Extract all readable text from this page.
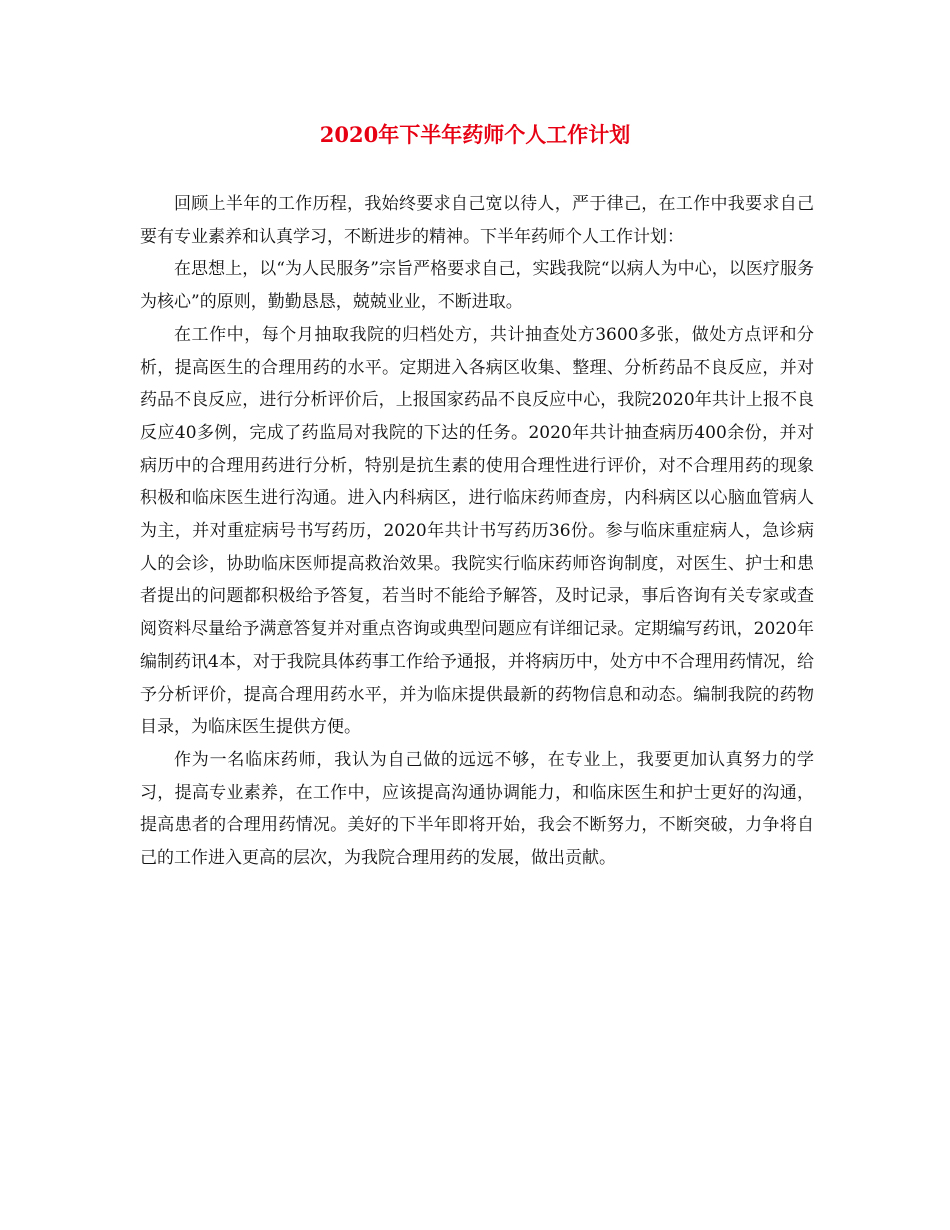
2020年下半年药师个人工作计划

回顾上半年的工作历程，我始终要求自己宽以待人，严于律己，在工作中我要求自己要有专业素养和认真学习，不断进步的精神。下半年药师个人工作计划：

在思想上，以“为人民服务”宗旨严格要求自己，实践我院“以病人为中心，以医疗服务为核心”的原则，勤勤恳恳，兢兢业业，不断进取。

在工作中，每个月抽取我院的归档处方，共计抽查处方3600多张，做处方点评和分析，提高医生的合理用药的水平。定期进入各病区收集、整理、分析药品不良反应，并对药品不良反应，进行分析评价后，上报国家药品不良反应中心，我院2020年共计上报不良反应40多例，完成了药监局对我院的下达的任务。2020年共计抽查病历400余份，并对病历中的合理用药进行分析，特别是抗生素的使用合理性进行评价，对不合理用药的现象积极和临床医生进行沟通。进入内科病区，进行临床药师查房，内科病区以心脑血管病人为主，并对重症病号书写药历，2020年共计书写药历36份。参与临床重症病人，急诊病人的会诊，协助临床医师提高救治效果。我院实行临床药师咨询制度，对医生、护士和患者提出的问题都积极给予答复，若当时不能给予解答，及时记录，事后咨询有关专家或查阅资料尽量给予满意答复并对重点咨询或典型问题应有详细记录。定期编写药讯，2020年编制药讯4本，对于我院具体药事工作给予通报，并将病历中，处方中不合理用药情况，给予分析评价，提高合理用药水平，并为临床提供最新的药物信息和动态。编制我院的药物目录，为临床医生提供方便。

作为一名临床药师，我认为自己做的远远不够，在专业上，我要更加认真努力的学习，提高专业素养，在工作中，应该提高沟通协调能力，和临床医生和护士更好的沟通，提高患者的合理用药情况。美好的下半年即将开始，我会不断努力，不断突破，力争将自己的工作进入更高的层次，为我院合理用药的发展，做出贡献。
